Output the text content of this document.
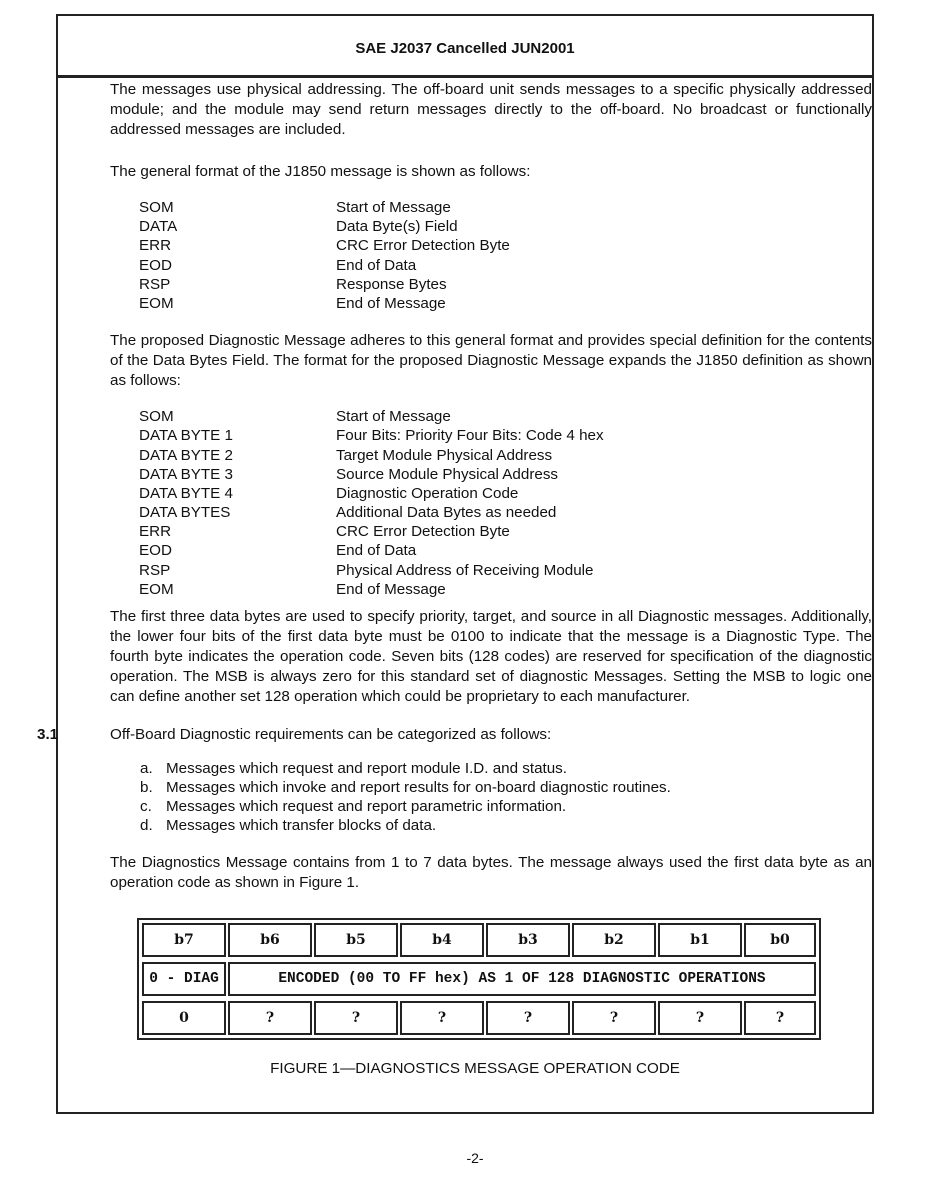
SAE J2037 Cancelled JUN2001

The messages use physical addressing. The off-board unit sends messages to a specific physically addressed module; and the module may send return messages directly to the off-board. No broadcast or functionally addressed messages are included.

The general format of the J1850 message is shown as follows:

SOM	Start of Message
DATA	Data Byte(s) Field
ERR	CRC Error Detection Byte
EOD	End of Data
RSP	Response Bytes
EOM	End of Message

The proposed Diagnostic Message adheres to this general format and provides special definition for the contents of the Data Bytes Field. The format for the proposed Diagnostic Message expands the J1850 definition as shown as follows:

SOM	Start of Message
DATA BYTE 1	Four Bits: Priority Four Bits: Code 4 hex
DATA BYTE 2	Target Module Physical Address
DATA BYTE 3	Source Module Physical Address
DATA BYTE 4	Diagnostic Operation Code
DATA BYTES	Additional Data Bytes as needed
ERR	CRC Error Detection Byte
EOD	End of Data
RSP	Physical Address of Receiving Module
EOM	End of Message

The first three data bytes are used to specify priority, target, and source in all Diagnostic messages. Additionally, the lower four bits of the first data byte must be 0100 to indicate that the message is a Diagnostic Type. The fourth byte indicates the operation code. Seven bits (128 codes) are reserved for specification of the diagnostic operation. The MSB is always zero for this standard set of diagnostic Messages. Setting the MSB to logic one can define another set 128 operation which could be proprietary to each manufacturer.

3.1	Off-Board Diagnostic requirements can be categorized as follows:

a. Messages which request and report module I.D. and status.
b. Messages which invoke and report results for on-board diagnostic routines.
c. Messages which request and report parametric information.
d. Messages which transfer blocks of data.

The Diagnostics Message contains from 1 to 7 data bytes. The message always used the first data byte as an operation code as shown in Figure 1.

b7	b6	b5	b4	b3	b2	b1	b0
0 - DIAG	ENCODED (00 TO FF hex) AS 1 OF 128 DIAGNOSTIC OPERATIONS
0	?	?	?	?	?	?	?
FIGURE 1—DIAGNOSTICS MESSAGE OPERATION CODE
-2-
